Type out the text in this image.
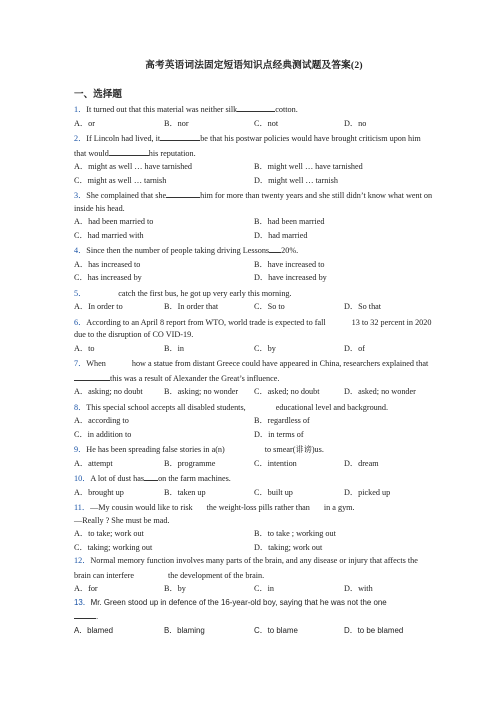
高考英语词法固定短语知识点经典测试题及答案(2)
一、选择题
1．It turned out that this material was neither silk	cotton.
A．or	B．nor	C．not	D．no
2．If Lincoln had lived, it	be that his postwar policies would have brought criticism upon him that would	his reputation.
A．might as well … have tarnished	B．might well … have tarnished
C．might as well … tarnish	D．might well … tarnish
3．She complained that she	him for more than twenty years and she still didn’t know what went on inside his head.
A．had been married to	B．had been married
C．had married with	D．had married
4．Since then the number of people taking driving Lessons 20%.
A．has increased to	B．have increased to
C．has increased by	D．have increased by
5．	catch the first bus, he got up very early this morning.
A．In order to	B．In order that	C．So to	D．So that
6．According to an April 8 report from WTO, world trade is expected to fall	13 to 32 percent in 2020 due to the disruption of CO VID-19.
A．to	B．in	C．by	D．of
7．When	how a statue from distant Greece could have appeared in China, researchers explained thatthis was a result of Alexander the Great’s influence.
A．asking; no doubt	B．asking; no wonder	C．asked; no doubt	D．asked; no wonder
8．This special school accepts all disabled students,	educational level and background.
A．according to	B．regardless of
C．in addition to	D．in terms of
9．He has been spreading false stories in a(n)	to smear(诽谤)us.
A．attempt	B．programme	C．intention	D．dream
10．A lot of dust has on the farm machines.
A．brought up	B．taken up	C．built up	D．picked up
11．—My cousin would like to risk the weight-loss pills rather than in a gym.
—Really ? She must be mad.
A．to take; work out	B．to take ; working out
C．taking; working out	D．taking; work out
12．Normal memory function involves many parts of the brain, and any disease or injury that affects the brain can interfere	the development of the brain.
A．for	B．by	C．in	D．with
13．Mr. Green stood up in defence of the 16-year-old boy, saying that he was not the one
.
A．blamed	B．blaming	C．to blame	D．to be blamed
